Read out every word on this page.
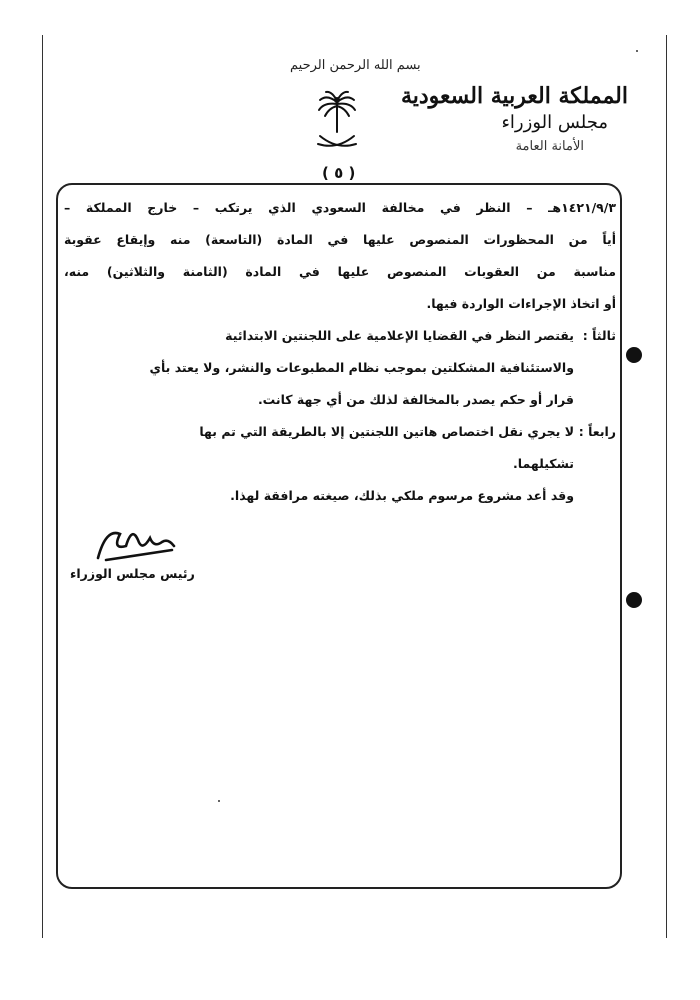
بسم الله الرحمن الرحيم
المملكة العربية السعودية
مجلس الوزراء
الأمانة العامة
( ٥ )
١٤٢١/٩/٣هـ – النظر في مخالفة السعودي الذي يرتكب – خارج المملكة –
أياً من المحظورات المنصوص عليها في المادة (التاسعة) منه وإيقاع عقوبة
مناسبة من العقوبات المنصوص عليها في المادة (الثامنة والثلاثين) منه،
أو اتخاذ الإجراءات الواردة فيها.
ثالثاً :يقتصر النظر في القضايا الإعلامية على اللجنتين الابتدائية
والاستئنافية المشكلتين بموجب نظام المطبوعات والنشر، ولا يعتد بأي
قرار أو حكم يصدر بالمخالفة لذلك من أي جهة كانت.
رابعاً :لا يجري نقل اختصاص هاتين اللجنتين إلا بالطريقة التي تم بها
تشكيلهما.
وقد أعد مشروع مرسوم ملكي بذلك، صيغته مرافقة لهذا.
رئيس مجلس الوزراء
